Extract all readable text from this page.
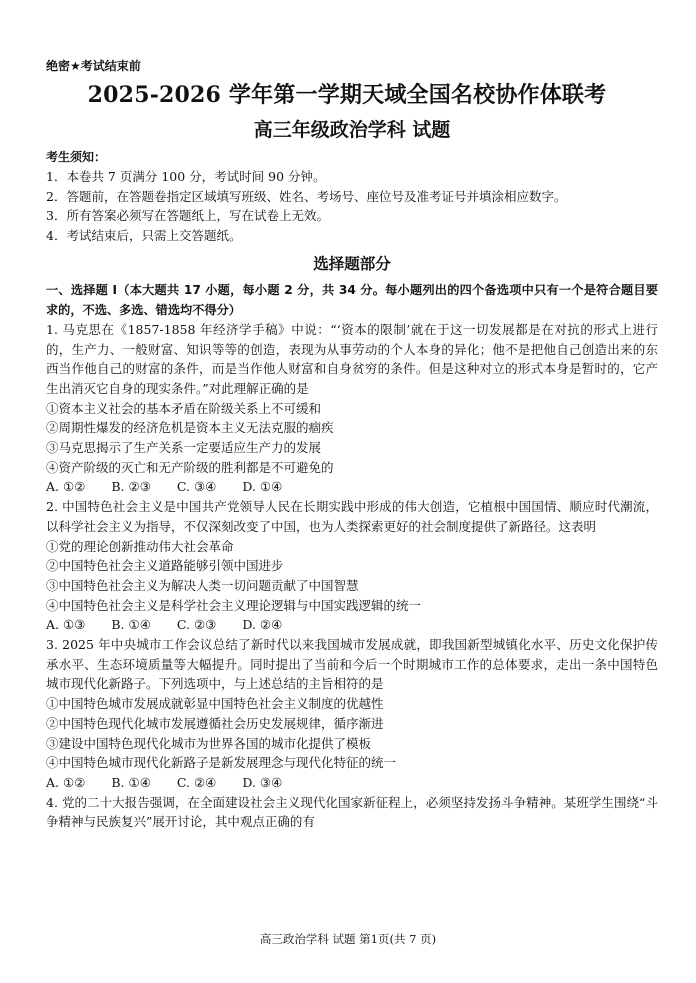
绝密★考试结束前
2025-2026 学年第一学期天域全国名校协作体联考
高三年级政治学科 试题
考生须知：
1．本卷共 7 页满分 100 分，考试时间 90 分钟。
2．答题前，在答题卷指定区域填写班级、姓名、考场号、座位号及准考证号并填涂相应数字。
3．所有答案必须写在答题纸上，写在试卷上无效。
4．考试结束后，只需上交答题纸。
选择题部分
一、选择题 Ⅰ（本大题共 17 小题，每小题 2 分，共 34 分。每小题列出的四个备选项中只有一个是符合题目要求的，不选、多选、错选均不得分）
1. 马克思在《1857-1858 年经济学手稿》中说：“‘资本的限制’就在于这一切发展都是在对抗的形式上进行的，生产力、一般财富、知识等等的创造，表现为从事劳动的个人本身的异化；他不是把他自己创造出来的东西当作他自己的财富的条件，而是当作他人财富和自身贫穷的条件。但是这种对立的形式本身是暂时的，它产生出消灭它自身的现实条件。”对此理解正确的是
①资本主义社会的基本矛盾在阶级关系上不可缓和
②周期性爆发的经济危机是资本主义无法克服的痼疾
③马克思揭示了生产关系一定要适应生产力的发展
④资产阶级的灭亡和无产阶级的胜利都是不可避免的
A. ①② B. ②③ C. ③④ D. ①④
2. 中国特色社会主义是中国共产党领导人民在长期实践中形成的伟大创造，它植根中国国情、顺应时代潮流，以科学社会主义为指导，不仅深刻改变了中国，也为人类探索更好的社会制度提供了新路径。这表明
①党的理论创新推动伟大社会革命
②中国特色社会主义道路能够引领中国进步
③中国特色社会主义为解决人类一切问题贡献了中国智慧
④中国特色社会主义是科学社会主义理论逻辑与中国实践逻辑的统一
A. ①③ B. ①④ C. ②③ D. ②④
3. 2025 年中央城市工作会议总结了新时代以来我国城市发展成就，即我国新型城镇化水平、历史文化保护传承水平、生态环境质量等大幅提升。同时提出了当前和今后一个时期城市工作的总体要求，走出一条中国特色城市现代化新路子。下列选项中，与上述总结的主旨相符的是
①中国特色城市发展成就彰显中国特色社会主义制度的优越性
②中国特色现代化城市发展遵循社会历史发展规律，循序渐进
③建设中国特色现代化城市为世界各国的城市化提供了模板
④中国特色城市现代化新路子是新发展理念与现代化特征的统一
A. ①② B. ①④ C. ②④ D. ③④
4. 党的二十大报告强调，在全面建设社会主义现代化国家新征程上，必须坚持发扬斗争精神。某班学生围绕“斗争精神与民族复兴”展开讨论，其中观点正确的有
高三政治学科 试题 第1页(共 7 页)
